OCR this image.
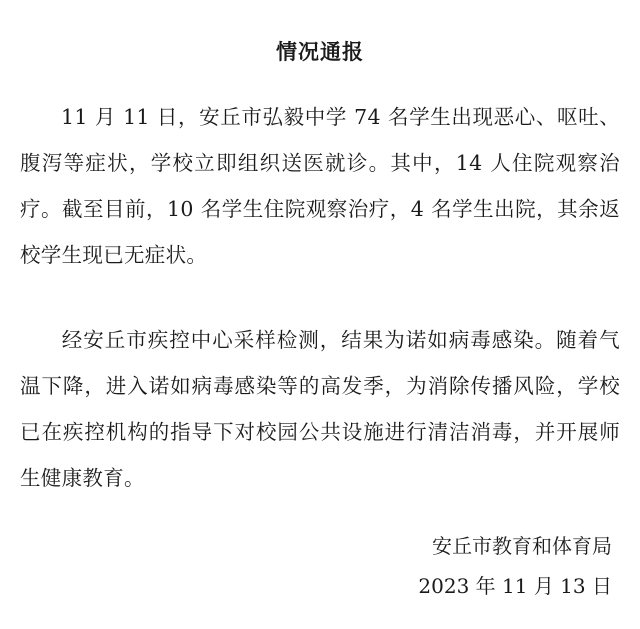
情况通报
11 月 11 日，安丘市弘毅中学 74 名学生出现恶心、呕吐、腹泻等症状，学校立即组织送医就诊。其中，14 人住院观察治疗。截至目前，10 名学生住院观察治疗，4 名学生出院，其余返校学生现已无症状。
经安丘市疾控中心采样检测，结果为诺如病毒感染。随着气温下降，进入诺如病毒感染等的高发季，为消除传播风险，学校已在疾控机构的指导下对校园公共设施进行清洁消毒，并开展师生健康教育。
安丘市教育和体育局
2023 年 11 月 13 日
